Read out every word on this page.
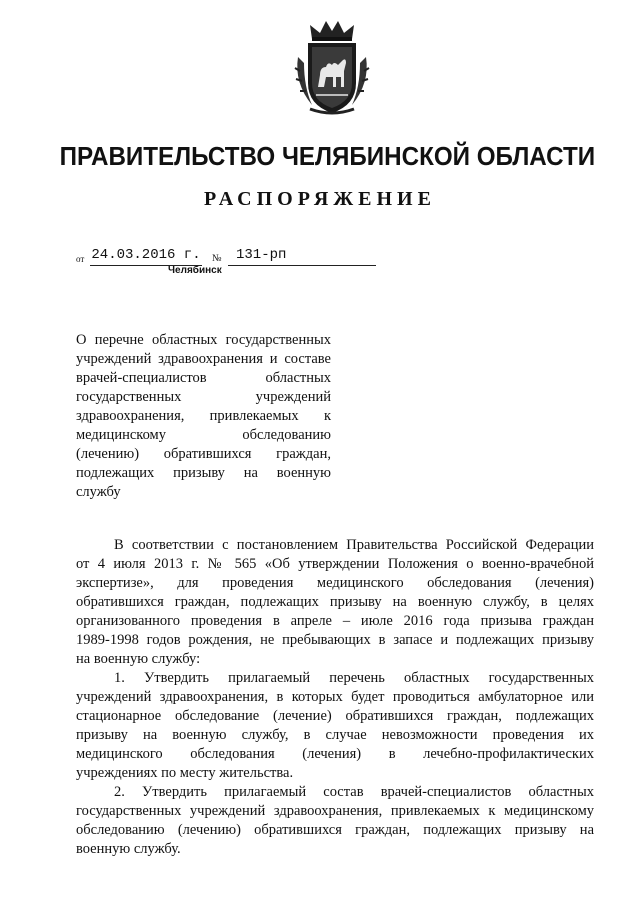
ПРАВИТЕЛЬСТВО ЧЕЛЯБИНСКОЙ ОБЛАСТИ
РАСПОРЯЖЕНИЕ
от 24.03.2016 г. №	131-рп
Челябинск
О перечне областных государственных
учреждений здравоохранения и составе
врачей-специалистов областных
государственных учреждений
здравоохранения, привлекаемых к
медицинскому обследованию
(лечению) обратившихся граждан,
подлежащих призыву на военную
службу
В соответствии с постановлением Правительства Российской Федерации
от 4 июля 2013 г. № 565 «Об утверждении Положения о военно-врачебной
экспертизе», для проведения медицинского обследования (лечения)
обратившихся граждан, подлежащих призыву на военную службу, в целях
организованного проведения в апреле – июле 2016 года призыва граждан
1989-1998 годов рождения, не пребывающих в запасе и подлежащих призыву
на военную службу:
1. Утвердить прилагаемый перечень областных государственных
учреждений здравоохранения, в которых будет проводиться амбулаторное или
стационарное обследование (лечение) обратившихся граждан, подлежащих
призыву на военную службу, в случае невозможности проведения их
медицинского обследования (лечения) в лечебно-профилактических
учреждениях по месту жительства.
2. Утвердить прилагаемый состав врачей-специалистов областных
государственных учреждений здравоохранения, привлекаемых к медицинскому
обследованию (лечению) обратившихся граждан, подлежащих призыву на
военную службу.
